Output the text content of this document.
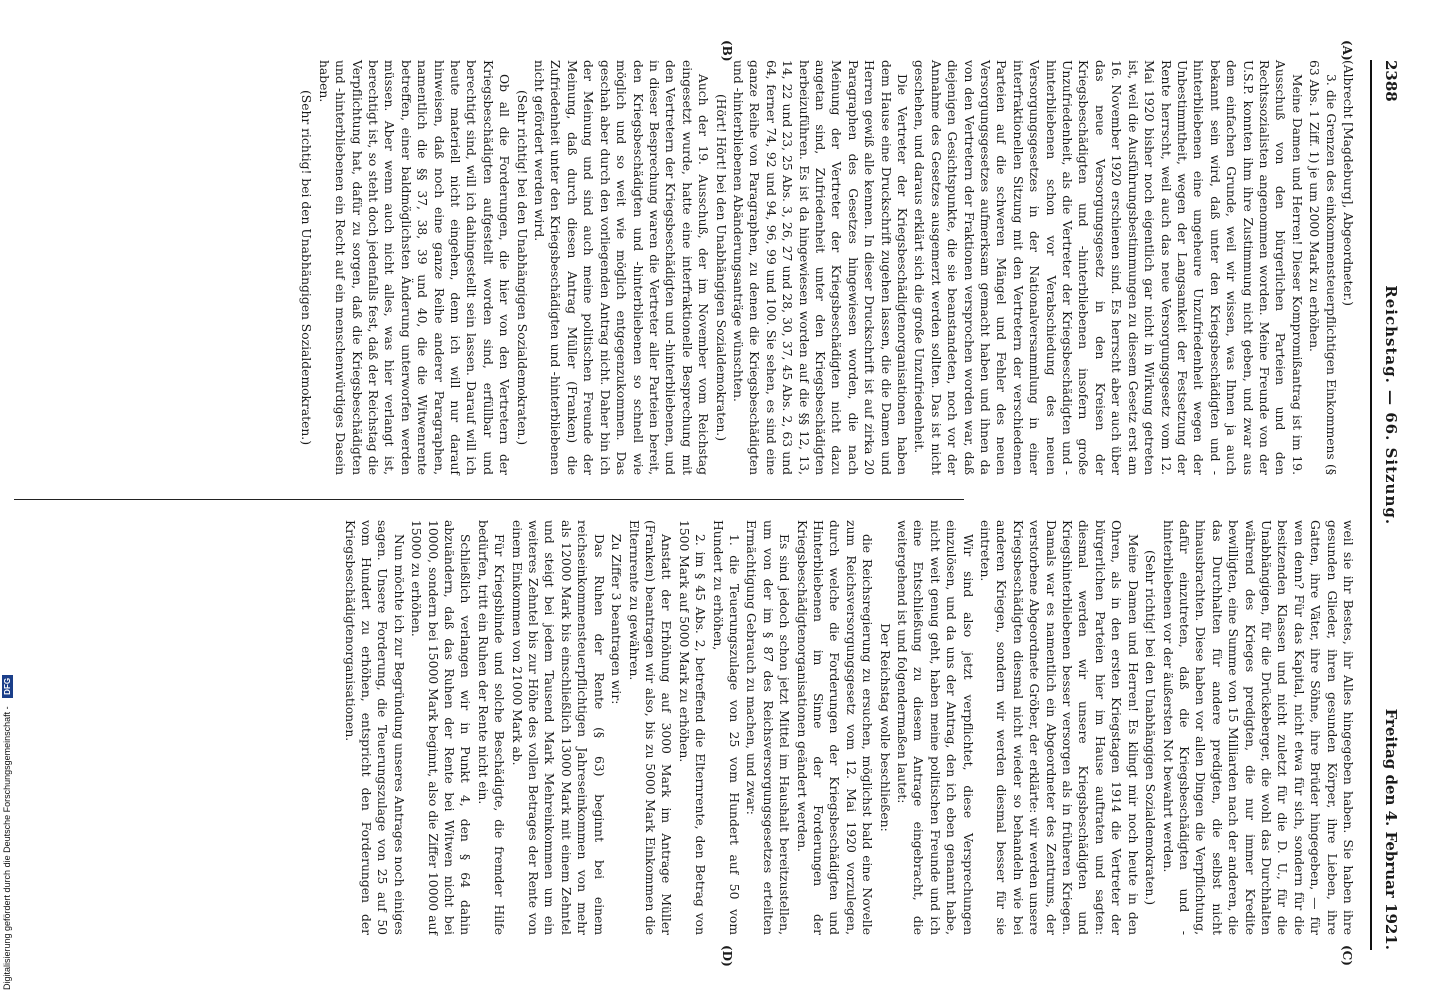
2388
Reichstag. — 66. Sitzung.
Freitag den 4. Februar 1921.
(A)
(B)
(C)
(D)

(Albrecht [Magdeburg], Abgeordneter.)

3. die Grenzen des einkommensteuerpflichtigen Einkommens (§ 63 Abs. 1 Ziff. 1) je um 2000 Mark zu erhöhen.

Meine Damen und Herren! Dieser Kompromißantrag ist im 19. Ausschuß von den bürgerlichen Parteien und den Rechtssozialisten angenommen worden. Meine Freunde von der U.S.P. konnten ihm ihre Zustimmung nicht geben, und zwar aus dem einfachen Grunde, weil wir wissen, was Ihnen ja auch bekannt sein wird, daß unter den Kriegsbeschädigten und -hinterbliebenen eine ungeheure Unzufriedenheit wegen der Unbestimmtheit, wegen der Langsamkeit der Festsetzung der Rente herrscht, weil auch das neue Versorgungsgesetz vom 12. Mai 1920 bisher noch eigentlich gar nicht in Wirkung getreten ist, weil die Ausführungsbestimmungen zu diesem Gesetz erst am 16. November 1920 erschienen sind. Es herrscht aber auch über das neue Versorgungsgesetz in den Kreisen der Kriegsbeschädigten und -hinterbliebenen insofern große Unzufriedenheit, als die Vertreter der Kriegsbeschädigten und -hinterbliebenen schon vor Verabschiedung des neuen Versorgungsgesetzes in der Nationalversammlung in einer interfraktionellen Sitzung mit den Vertretern der verschiedenen Parteien auf die schweren Mängel und Fehler des neuen Versorgungsgesetzes aufmerksam gemacht haben und ihnen da von den Vertretern der Fraktionen versprochen worden war, daß diejenigen Gesichtspunkte, die sie beanstandeten, noch vor der Annahme des Gesetzes ausgemerzt werden sollten. Das ist nicht geschehen, und daraus erklärt sich die große Unzufriedenheit.

Die Vertreter der Kriegsbeschädigtenorganisationen haben dem Hause eine Druckschrift zugehen lassen, die die Damen und Herren gewiß alle kennen. In dieser Druckschrift ist auf zirka 20 Paragraphen des Gesetzes hingewiesen worden, die nach Meinung der Vertreter der Kriegsbeschädigten nicht dazu angetan sind, Zufriedenheit unter den Kriegsbeschädigten herbeizuführen. Es ist da hingewiesen worden auf die §§ 12, 13, 14, 22 und 23, 25 Abs. 3, 26, 27 und 28, 30, 37, 45 Abs. 2, 63 und 64, ferner 74, 92 und 94, 96, 99 und 100. Sie sehen, es sind eine ganze Reihe von Paragraphen, zu denen die Kriegsbeschädigten und -hinterbliebenen Abänderungsanträge wünschten.

(Hört! Hört! bei den Unabhängigen Sozialdemokraten.)

Auch der 19. Ausschuß, der im November vom Reichstag eingesetzt wurde, hatte eine interfraktionelle Besprechung mit den Vertretern der Kriegsbeschädigten und -hinterbliebenen, und in dieser Besprechung waren die Vertreter aller Parteien bereit, den Kriegsbeschädigten und -hinterbliebenen so schnell wie möglich und so weit wie möglich entgegenzukommen. Das geschah aber durch den vorliegenden Antrag nicht. Daher bin ich der Meinung und sind auch meine politischen Freunde der Meinung, daß durch diesen Antrag Müller (Franken) die Zufriedenheit unter den Kriegsbeschädigten und -hinterbliebenen nicht gefördert werden wird.

(Sehr richtig! bei den Unabhängigen Sozialdemokraten.)

Ob all die Forderungen, die hier von den Vertretern der Kriegsbeschädigten aufgestellt worden sind, erfüllbar und berechtigt sind, will ich dahingestellt sein lassen. Darauf will ich heute materiell nicht eingehen, denn ich will nur darauf hinweisen, daß noch eine ganze Reihe anderer Paragraphen, namentlich die §§ 37, 38, 39 und 40, die die Witwenrente betreffen, einer baldmöglichsten Änderung unterworfen werden müssen. Aber wenn auch nicht alles, was hier verlangt ist, berechtigt ist, so steht doch jedenfalls fest, daß der Reichstag die Verpflichtung hat, dafür zu sorgen, daß die Kriegsbeschädigten und -hinterbliebenen ein Recht auf ein menschenwürdiges Dasein haben.

(Sehr richtig! bei den Unabhängigen Sozialdemokraten.)

weil sie ihr Bestes, ihr Alles hingegeben haben. Sie haben ihre gesunden Glieder, ihren gesunden Körper, ihre Lieben, ihre Gatten, ihre Väter, ihre Söhne, ihre Brüder hingegeben, — für wen denn? Für das Kapital, nicht etwa für sich, sondern für die besitzenden Klassen und nicht zuletzt für die D. U., für die Unabhängigen, für die Drückeberger, die wohl das Durchhalten während des Krieges predigten, die nur immer Kredite bewilligten, eine Summe von 15 Milliarden nach der anderen, die das Durchhalten für andere predigten, die selbst nicht hinausbrachten. Diese haben vor allen Dingen die Verpflichtung, dafür einzutreten, daß die Kriegsbeschädigten und -hinterbliebenen vor der äußersten Not bewahrt werden.

(Sehr richtig! bei den Unabhängigen Sozialdemokraten.)

Meine Damen und Herren! Es klingt mir noch heute in den Ohren, als in den ersten Kriegstagen 1914 die Vertreter der bürgerlichen Parteien hier im Hause auftraten und sagten: diesmal werden wir unsere Kriegsbeschädigten und Kriegshinterbliebenen besser versorgen als in früheren Kriegen. Damals war es namentlich ein Abgeordneter des Zentrums, der verstorbene Abgeordnete Gröber, der erklärte: wir werden unsere Kriegsbeschädigten diesmal nicht wieder so behandeln wie bei anderen Kriegen, sondern wir werden diesmal besser für sie eintreten.

Wir sind also jetzt verpflichtet, diese Versprechungen einzulösen, und da uns der Antrag, den ich eben genannt habe, nicht weit genug geht, haben meine politischen Freunde und ich eine Entschließung zu diesem Antrage eingebracht, die weitergehend ist und folgendermaßen lautet:

Der Reichstag wolle beschließen:

die Reichsregierung zu ersuchen, möglichst bald eine Novelle zum Reichsversorgungsgesetz vom 12. Mai 1920 vorzulegen, durch welche die Forderungen der Kriegsbeschädigten und Hinterbliebenen im Sinne der Forderungen der Kriegsbeschädigtenorganisationen geändert werden.

Es sind jedoch schon jetzt Mittel im Haushalt bereitzustellen, um von der im § 87 des Reichsversorgungsgesetzes erteilten Ermächtigung Gebrauch zu machen, und zwar:

1. die Teuerungszulage von 25 vom Hundert auf 50 vom Hundert zu erhöhen,

2. im § 45 Abs. 2, betreffend die Elternrente, den Betrag von 1500 Mark auf 5000 Mark zu erhöhen.

Anstatt der Erhöhung auf 3000 Mark im Antrage Müller (Franken) beantragen wir also, bis zu 5000 Mark Einkommen die Elternrente zu gewähren.

Zu Ziffer 3 beantragen wir:

Das Ruhen der Rente (§ 63) beginnt bei einem reichseinkommensteuerpflichtigen Jahreseinkommen von mehr als 12000 Mark bis einschließlich 13000 Mark mit einem Zehntel und steigt bei jedem Tausend Mark Mehreinkommen um ein weiteres Zehntel bis zur Höhe des vollen Betrages der Rente von einem Einkommen von 21000 Mark ab.

Für Kriegsblinde und solche Beschädigte, die fremder Hilfe bedürfen, tritt ein Ruhen der Rente nicht ein.

Schließlich verlangen wir in Punkt 4, den § 64 dahin abzuändern, daß das Ruhen der Rente bei Witwen nicht bei 10000, sondern bei 15000 Mark beginnt, also die Ziffer 10000 auf 15000 zu erhöhen.

Nun möchte ich zur Begründung unseres Antrages noch einiges sagen. Unsere Forderung, die Teuerungszulage von 25 auf 50 vom Hundert zu erhöhen, entspricht den Forderungen der Kriegsbeschädigtenorganisationen.

Digitalisierung gefördert durch die Deutsche Forschungsgemeinschaft - DFG
